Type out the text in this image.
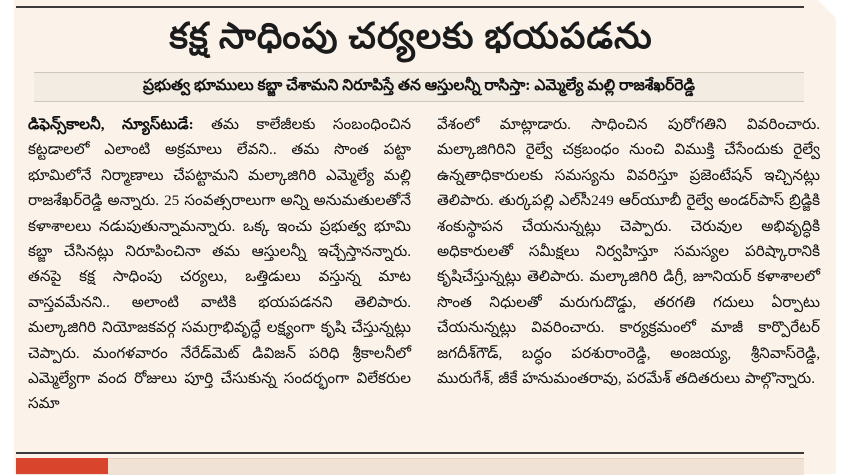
కక్ష సాధింపు చర్యలకు భయపడను
ప్రభుత్వ భూములు కబ్జా చేశామని నిరూపిస్తే తన ఆస్తులన్నీ రాసిస్తా: ఎమ్మెల్యే మల్లి రాజశేఖర్‌రెడ్డి

డిఫెన్స్‌కాలనీ, న్యూస్‌టుడే: తమ కాలేజీలకు సంబంధించిన కట్టడాలలో ఎలాంటి అక్రమాలు లేవని.. తమ సొంత పట్టా భూమిలోనే నిర్మాణాలు చేపట్టామని మల్కాజిగిరి ఎమ్మెల్యే మల్లి రాజశేఖర్‌రెడ్డి అన్నారు. 25 సంవత్సరాలుగా అన్ని అనుమతులతోనే కళాశాలలు నడుపుతున్నామన్నారు. ఒక్క ఇంచు ప్రభుత్వ భూమి కబ్జా చేసినట్లు నిరూపించినా తమ ఆస్తులన్నీ ఇచ్చేస్తానన్నారు. తనపై కక్ష సాధింపు చర్యలు, ఒత్తిడులు వస్తున్న మాట వాస్తవమేనని.. అలాంటి వాటికి భయపడనని తెలిపారు. మల్కాజిగిరి నియోజకవర్గ సమగ్రాభివృద్ధే లక్ష్యంగా కృషి చేస్తున్నట్లు చెప్పారు. మంగళవారం నేరేడ్‌మెట్‌ డివిజన్‌ పరిధి శ్రీకాలనీలో ఎమ్మెల్యేగా వంద రోజులు పూర్తి చేసుకున్న సందర్భంగా విలేకరుల సమా

వేశంలో మాట్లాడారు. సాధించిన పురోగతిని వివరించారు. మల్కాజిగిరిని రైల్వే చక్రబంధం నుంచి విముక్తి చేసేందుకు రైల్వే ఉన్నతాధికారులకు సమస్యను వివరిస్తూ ప్రజెంటేషన్‌ ఇచ్చినట్లు తెలిపారు. తుర్కపల్లి ఎల్‌సీ249 ఆర్‌యూబీ రైల్వే అండర్‌పాస్‌ బ్రిడ్జికి శంకుస్థాపన చేయనున్నట్లు చెప్పారు. చెరువుల అభివృద్ధికి అధికారులతో సమీక్షలు నిర్వహిస్తూ సమస్యల పరిష్కారానికి కృషిచేస్తున్నట్లు తెలిపారు. మల్కాజిగిరి డిగ్రీ, జూనియర్‌ కళాశాలలో సొంత నిధులతో మరుగుదొడ్డు, తరగతి గదులు ఏర్పాటు చేయనున్నట్లు వివరించారు. కార్యక్రమంలో మాజీ కార్పొరేటర్‌ జగదీశ్‌గౌడ్‌, బద్ధం పరశురాంరెడ్డి, అంజయ్య, శ్రీనివాస్‌రెడ్డి, మురుగేశ్‌, జీకే హనుమంతరావు, పరమేశ్‌ తదితరులు పాల్గొన్నారు.
